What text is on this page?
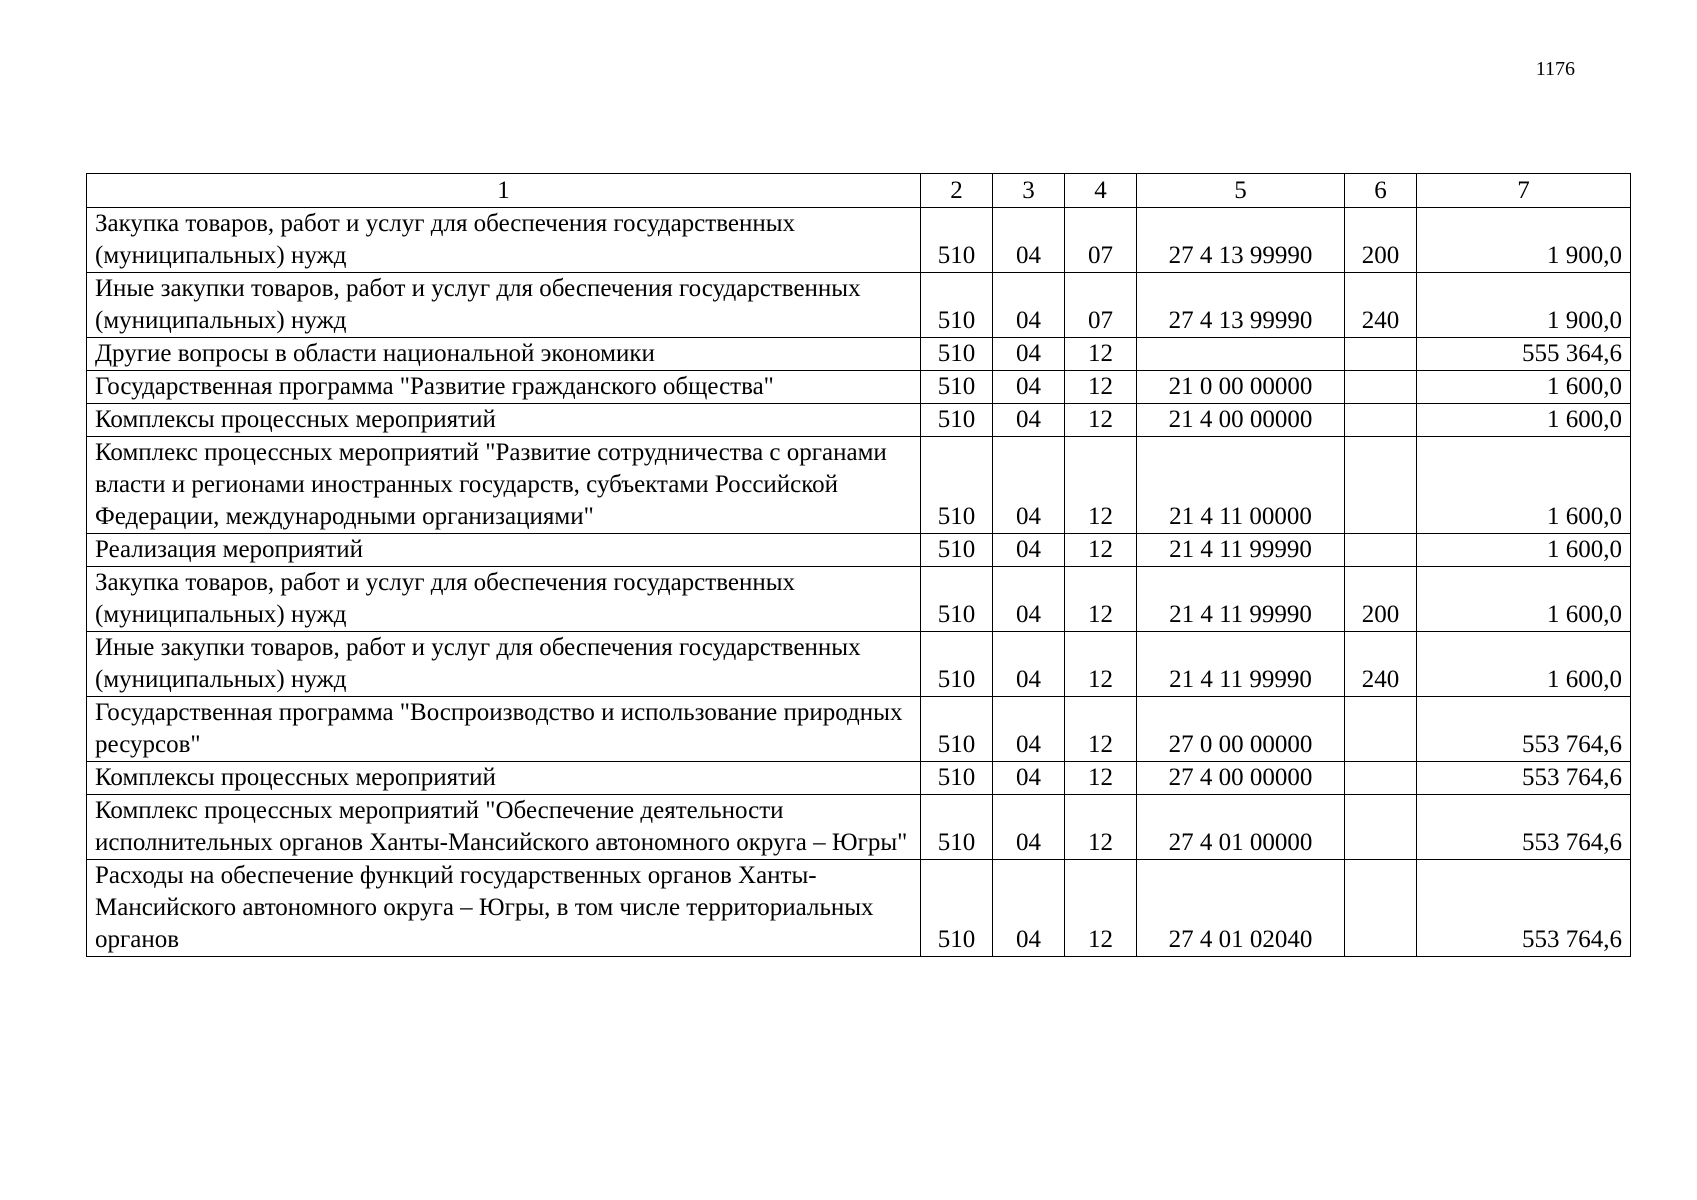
1176
1	2	3	4	5	6	7
Закупка товаров, работ и услуг для обеспечения государственных (муниципальных) нужд	510	04	07	27 4 13 99990	200	1 900,0
Иные закупки товаров, работ и услуг для обеспечения государственных (муниципальных) нужд	510	04	07	27 4 13 99990	240	1 900,0
Другие вопросы в области национальной экономики	510	04	12			555 364,6
Государственная программа "Развитие гражданского общества"	510	04	12	21 0 00 00000		1 600,0
Комплексы процессных мероприятий	510	04	12	21 4 00 00000		1 600,0
Комплекс процессных мероприятий "Развитие сотрудничества с органами власти и регионами иностранных государств, субъектами Российской Федерации, международными организациями"	510	04	12	21 4 11 00000		1 600,0
Реализация мероприятий	510	04	12	21 4 11 99990		1 600,0
Закупка товаров, работ и услуг для обеспечения государственных (муниципальных) нужд	510	04	12	21 4 11 99990	200	1 600,0
Иные закупки товаров, работ и услуг для обеспечения государственных (муниципальных) нужд	510	04	12	21 4 11 99990	240	1 600,0
Государственная программа "Воспроизводство и использование природных ресурсов"	510	04	12	27 0 00 00000		553 764,6
Комплексы процессных мероприятий	510	04	12	27 4 00 00000		553 764,6
Комплекс процессных мероприятий "Обеспечение деятельности исполнительных органов Ханты-Мансийского автономного округа – Югры"	510	04	12	27 4 01 00000		553 764,6
Расходы на обеспечение функций государственных органов Ханты-Мансийского автономного округа – Югры, в том числе территориальных органов	510	04	12	27 4 01 02040		553 764,6
